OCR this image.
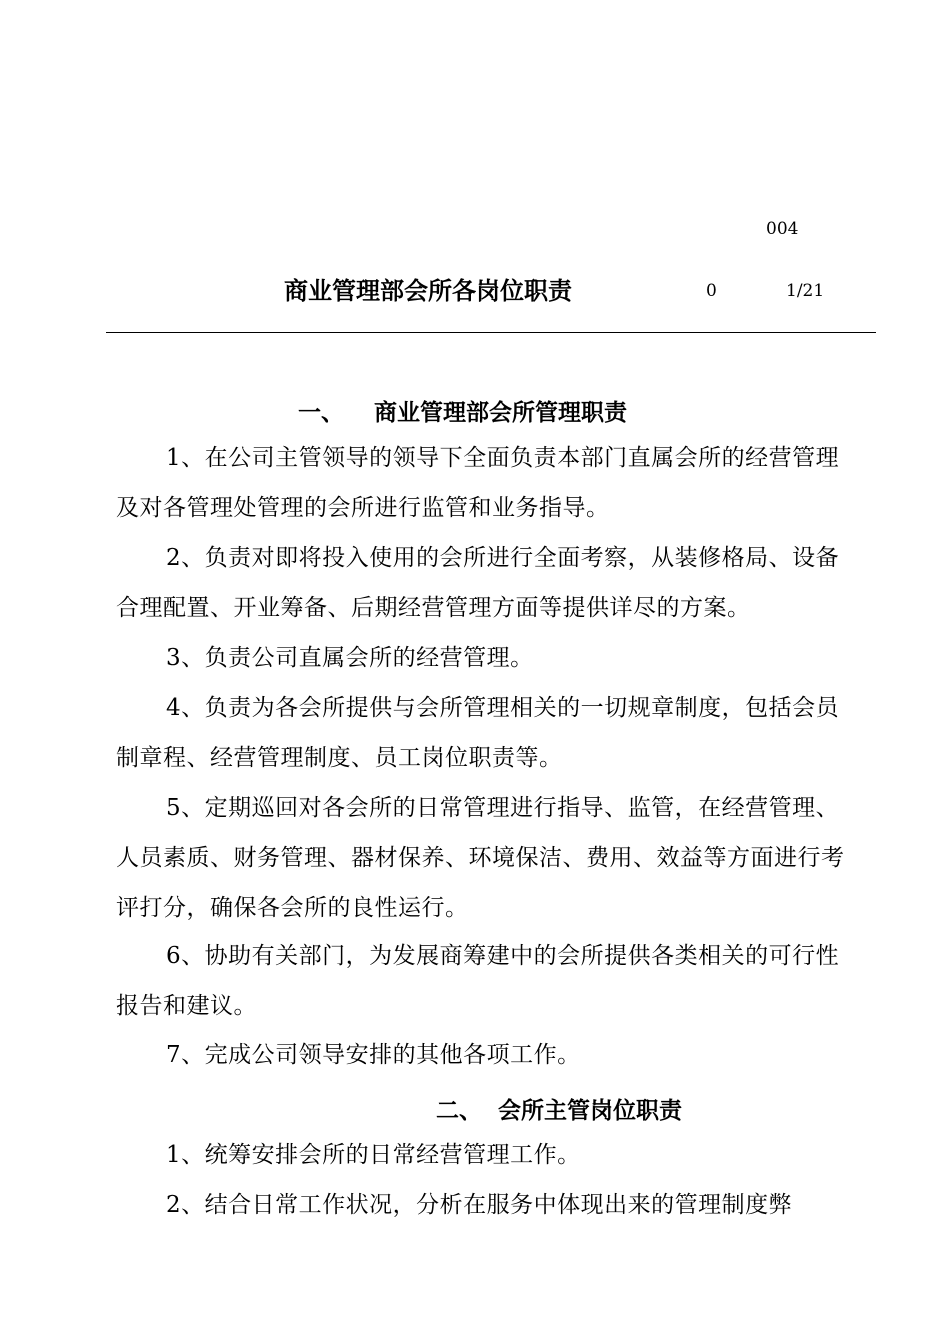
004
商业管理部会所各岗位职责	0	1/21
一、 商业管理部会所管理职责

1、在公司主管领导的领导下全面负责本部门直属会所的经营管理及对各管理处管理的会所进行监管和业务指导。

2、负责对即将投入使用的会所进行全面考察，从装修格局、设备合理配置、开业筹备、后期经营管理方面等提供详尽的方案。

3、负责公司直属会所的经营管理。

4、负责为各会所提供与会所管理相关的一切规章制度，包括会员制章程、经营管理制度、员工岗位职责等。

5、定期巡回对各会所的日常管理进行指导、监管，在经营管理、人员素质、财务管理、器材保养、环境保洁、费用、效益等方面进行考评打分，确保各会所的良性运行。

6、协助有关部门，为发展商筹建中的会所提供各类相关的可行性报告和建议。

7、完成公司领导安排的其他各项工作。

二、 会所主管岗位职责

1、统筹安排会所的日常经营管理工作。

2、结合日常工作状况，分析在服务中体现出来的管理制度弊
